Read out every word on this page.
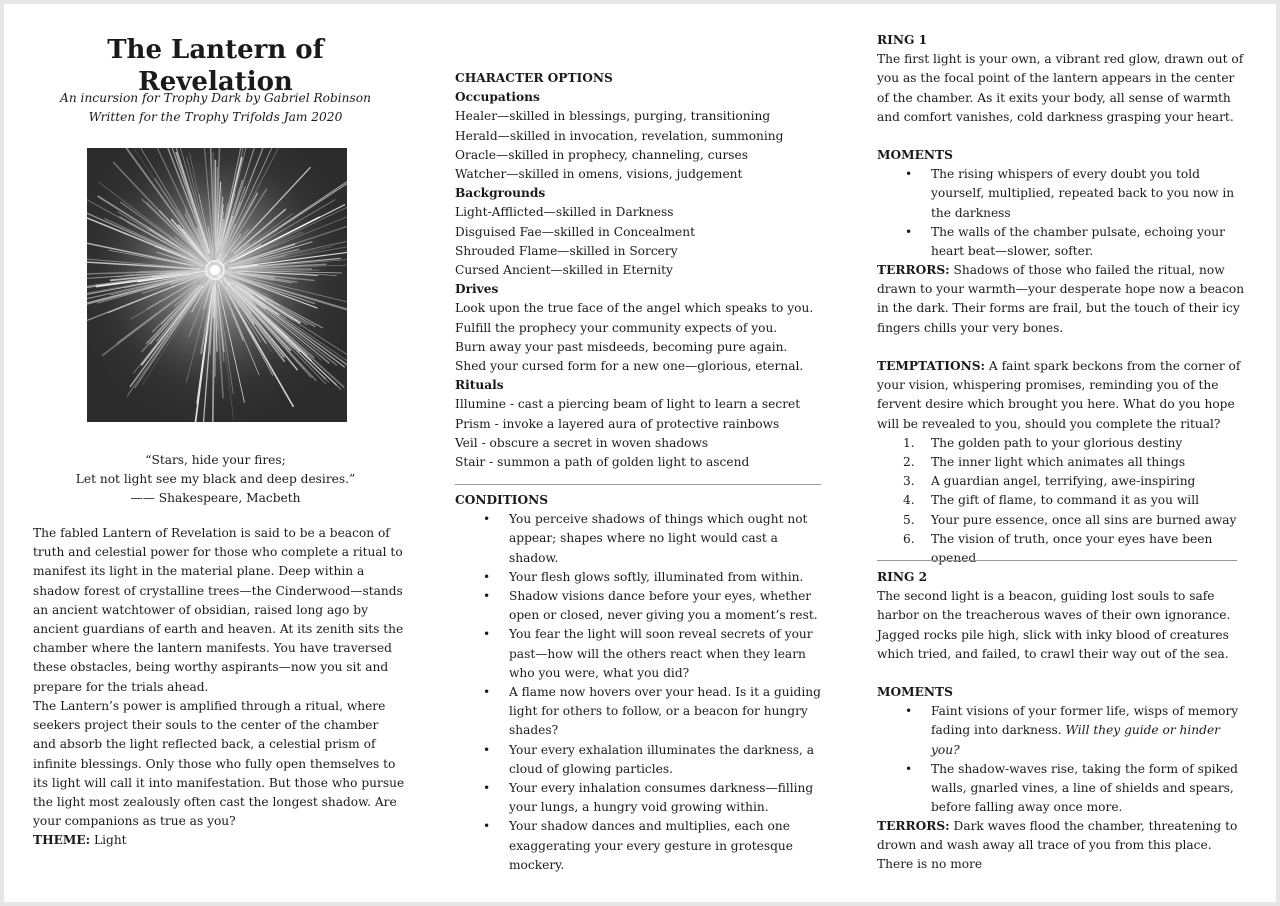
The Lantern of Revelation
An incursion for Trophy Dark by Gabriel Robinson
Written for the Trophy Trifolds Jam 2020
“Stars, hide your fires;
Let not light see my black and deep desires.”
—— Shakespeare, Macbeth

The fabled Lantern of Revelation is said to be a beacon of truth and celestial power for those who complete a ritual to manifest its light in the material plane. Deep within a shadow forest of crystalline trees—the Cinderwood—stands an ancient watchtower of obsidian, raised long ago by ancient guardians of earth and heaven. At its zenith sits the chamber where the lantern manifests. You have traversed these obstacles, being worthy aspirants—now you sit and prepare for the trials ahead.

The Lantern’s power is amplified through a ritual, where seekers project their souls to the center of the chamber and absorb the light reflected back, a celestial prism of infinite blessings. Only those who fully open themselves to its light will call it into manifestation. But those who pursue the light most zealously often cast the longest shadow. Are your companions as true as you?

THEME: Light
CHARACTER OPTIONS
Occupations
Healer—skilled in blessings, purging, transitioning
Herald—skilled in invocation, revelation, summoning
Oracle—skilled in prophecy, channeling, curses
Watcher—skilled in omens, visions, judgement
Backgrounds
Light-Afflicted—skilled in Darkness
Disguised Fae—skilled in Concealment
Shrouded Flame—skilled in Sorcery
Cursed Ancient—skilled in Eternity
Drives
Look upon the true face of the angel which speaks to you.
Fulfill the prophecy your community expects of you.
Burn away your past misdeeds, becoming pure again.
Shed your cursed form for a new one—glorious, eternal.
Rituals
Illumine - cast a piercing beam of light to learn a secret
Prism - invoke a layered aura of protective rainbows
Veil - obscure a secret in woven shadows
Stair - summon a path of golden light to ascend
CONDITIONS
• You perceive shadows of things which ought not appear; shapes where no light would cast a shadow.
• Your flesh glows softly, illuminated from within.
• Shadow visions dance before your eyes, whether open or closed, never giving you a moment’s rest.
• You fear the light will soon reveal secrets of your past—how will the others react when they learn who you were, what you did?
• A flame now hovers over your head. Is it a guiding light for others to follow, or a beacon for hungry shades?
• Your every exhalation illuminates the darkness, a cloud of glowing particles.
• Your every inhalation consumes darkness—filling your lungs, a hungry void growing within.
• Your shadow dances and multiplies, each one exaggerating your every gesture in grotesque mockery.
RING 1

The first light is your own, a vibrant red glow, drawn out of you as the focal point of the lantern appears in the center of the chamber. As it exits your body, all sense of warmth and comfort vanishes, cold darkness grasping your heart.

MOMENTS
• The rising whispers of every doubt you told yourself, multiplied, repeated back to you now in the darkness
• The walls of the chamber pulsate, echoing your heart beat—slower, softer.

TERRORS: Shadows of those who failed the ritual, now drawn to your warmth—your desperate hope now a beacon in the dark. Their forms are frail, but the touch of their icy fingers chills your very bones.

TEMPTATIONS: A faint spark beckons from the corner of your vision, whispering promises, reminding you of the fervent desire which brought you here. What do you hope will be revealed to you, should you complete the ritual?

1. The golden path to your glorious destiny
2. The inner light which animates all things
3. A guardian angel, terrifying, awe-inspiring
4. The gift of flame, to command it as you will
5. Your pure essence, once all sins are burned away
6. The vision of truth, once your eyes have been opened
RING 2

The second light is a beacon, guiding lost souls to safe harbor on the treacherous waves of their own ignorance. Jagged rocks pile high, slick with inky blood of creatures which tried, and failed, to crawl their way out of the sea.

MOMENTS
• Faint visions of your former life, wisps of memory fading into darkness. Will they guide or hinder you?
• The shadow-waves rise, taking the form of spiked walls, gnarled vines, a line of shields and spears, before falling away once more.

TERRORS: Dark waves flood the chamber, threatening to drown and wash away all trace of you from this place. There is no more
